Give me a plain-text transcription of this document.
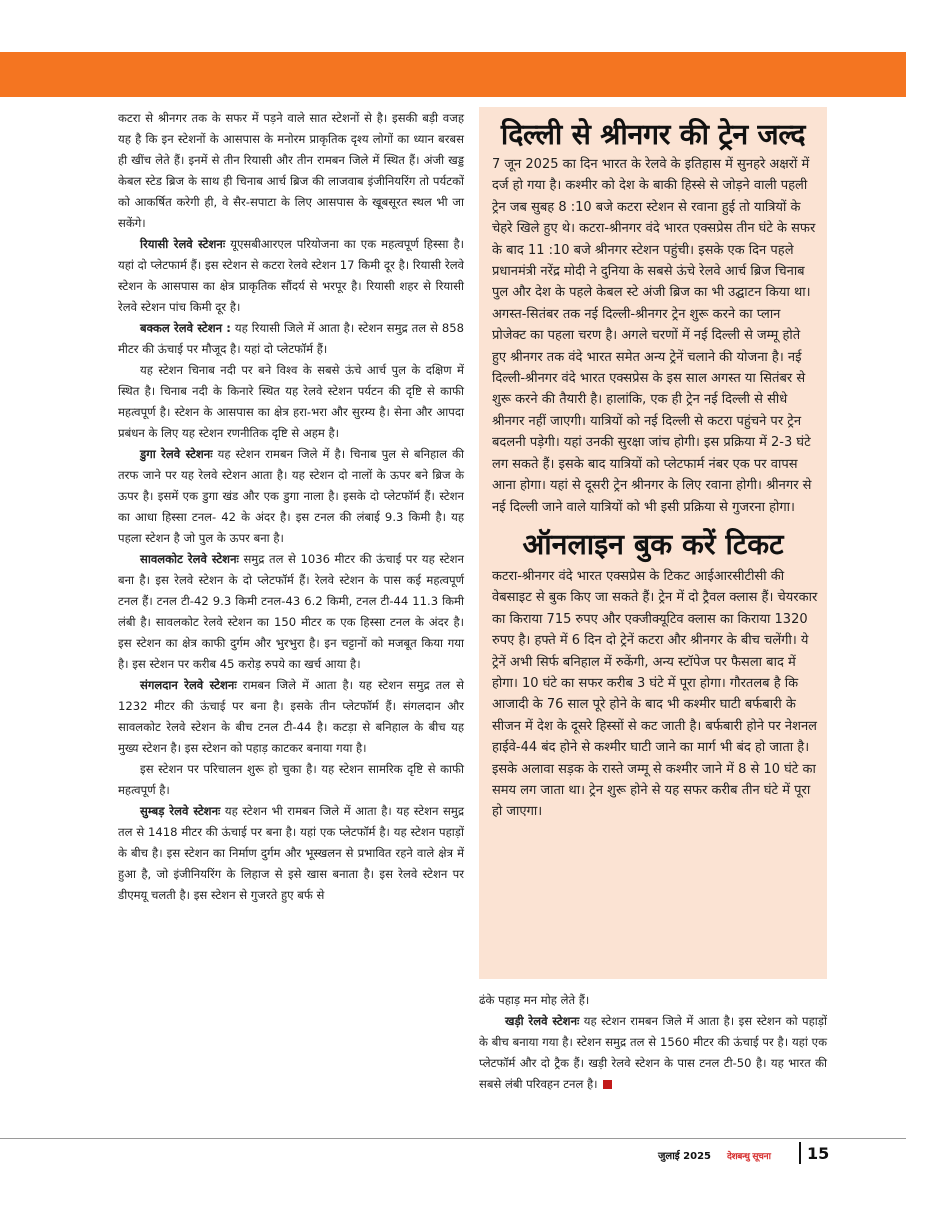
कटरा से श्रीनगर तक के सफर में पड़ने वाले सात स्टेशनों से है। इसकी बड़ी वजह यह है कि इन स्टेशनों के आसपास के मनोरम प्राकृतिक दृश्य लोगों का ध्यान बरबस ही खींच लेते हैं। इनमें से तीन रियासी और तीन रामबन जिले में स्थित हैं। अंजी खड्ड केबल स्टेड ब्रिज के साथ ही चिनाब आर्च ब्रिज की लाजवाब इंजीनियरिंग तो पर्यटकों को आकर्षित करेगी ही, वे सैर-सपाटा के लिए आसपास के खूबसूरत स्थल भी जा सकेंगे।

रियासी रेलवे स्टेशनः यूएसबीआरएल परियोजना का एक महत्वपूर्ण हिस्सा है। यहां दो प्लेटफार्म हैं। इस स्टेशन से कटरा रेलवे स्टेशन 17 किमी दूर है। रियासी रेलवे स्टेशन के आसपास का क्षेत्र प्राकृतिक सौंदर्य से भरपूर है। रियासी शहर से रियासी रेलवे स्टेशन पांच किमी दूर है।

बक्कल रेलवे स्टेशन : यह रियासी जिले में आता है। स्टेशन समुद्र तल से 858 मीटर की ऊंचाई पर मौजूद है। यहां दो प्लेटफॉर्म हैं।

यह स्टेशन चिनाब नदी पर बने विश्व के सबसे ऊंचे आर्च पुल के दक्षिण में स्थित है। चिनाब नदी के किनारे स्थित यह रेलवे स्टेशन पर्यटन की दृष्टि से काफी महत्वपूर्ण है। स्टेशन के आसपास का क्षेत्र हरा-भरा और सुरम्य है। सेना और आपदा प्रबंधन के लिए यह स्टेशन रणनीतिक दृष्टि से अहम है।

डुगा रेलवे स्टेशनः यह स्टेशन रामबन जिले में है। चिनाब पुल से बनिहाल की तरफ जाने पर यह रेलवे स्टेशन आता है। यह स्टेशन दो नालों के ऊपर बने ब्रिज के ऊपर है। इसमें एक डुगा खंड और एक डुगा नाला है। इसके दो प्लेटफॉर्म हैं। स्टेशन का आधा हिस्सा टनल- 42 के अंदर है। इस टनल की लंबाई 9.3 किमी है। यह पहला स्टेशन है जो पुल के ऊपर बना है।

सावलकोट रेलवे स्टेशनः समुद्र तल से 1036 मीटर की ऊंचाई पर यह स्टेशन बना है। इस रेलवे स्टेशन के दो प्लेटफॉर्म हैं। रेलवे स्टेशन के पास कई महत्वपूर्ण टनल हैं। टनल टी-42 9.3 किमी टनल-43 6.2 किमी, टनल टी-44 11.3 किमी लंबी है। सावलकोट रेलवे स्टेशन का 150 मीटर क एक हिस्सा टनल के अंदर है। इस स्टेशन का क्षेत्र काफी दुर्गम और भुरभुरा है। इन चट्टानों को मजबूत किया गया है। इस स्टेशन पर करीब 45 करोड़ रुपये का खर्च आया है।

संगलदान रेलवे स्टेशनः रामबन जिले में आता है। यह स्टेशन समुद्र तल से 1232 मीटर की ऊंचाई पर बना है। इसके तीन प्लेटफॉर्म हैं। संगलदान और सावलकोट रेलवे स्टेशन के बीच टनल टी-44 है। कटड़ा से बनिहाल के बीच यह मुख्य स्टेशन है। इस स्टेशन को पहाड़ काटकर बनाया गया है।

इस स्टेशन पर परिचालन शुरू हो चुका है। यह स्टेशन सामरिक दृष्टि से काफी महत्वपूर्ण है।

सुम्बड़ रेलवे स्टेशनः यह स्टेशन भी रामबन जिले में आता है। यह स्टेशन समुद्र तल से 1418 मीटर की ऊंचाई पर बना है। यहां एक प्लेटफॉर्म है। यह स्टेशन पहाड़ों के बीच है। इस स्टेशन का निर्माण दुर्गम और भूस्खलन से प्रभावित रहने वाले क्षेत्र में हुआ है, जो इंजीनियरिंग के लिहाज से इसे खास बनाता है। इस रेलवे स्टेशन पर डीएमयू चलती है। इस स्टेशन से गुजरते हुए बर्फ से

दिल्ली से श्रीनगर की ट्रेन जल्द

7 जून 2025 का दिन भारत के रेलवे के इतिहास में सुनहरे अक्षरों में दर्ज हो गया है। कश्मीर को देश के बाकी हिस्से से जोड़ने वाली पहली ट्रेन जब सुबह 8 :10 बजे कटरा स्टेशन से रवाना हुई तो यात्रियों के चेहरे खिले हुए थे। कटरा-श्रीनगर वंदे भारत एक्सप्रेस तीन घंटे के सफर के बाद 11 :10 बजे श्रीनगर स्टेशन पहुंची। इसके एक दिन पहले प्रधानमंत्री नरेंद्र मोदी ने दुनिया के सबसे ऊंचे रेलवे आर्च ब्रिज चिनाब पुल और देश के पहले केबल स्टे अंजी ब्रिज का भी उद्घाटन किया था।

अगस्त-सितंबर तक नई दिल्ली-श्रीनगर ट्रेन शुरू करने का प्लान प्रोजेक्ट का पहला चरण है। अगले चरणों में नई दिल्ली से जम्मू होते हुए श्रीनगर तक वंदे भारत समेत अन्य ट्रेनें चलाने की योजना है। नई दिल्ली-श्रीनगर वंदे भारत एक्सप्रेस के इस साल अगस्त या सितंबर से शुरू करने की तैयारी है। हालांकि, एक ही ट्रेन नई दिल्ली से सीधे श्रीनगर नहीं जाएगी। यात्रियों को नई दिल्ली से कटरा पहुंचने पर ट्रेन बदलनी पड़ेगी। यहां उनकी सुरक्षा जांच होगी। इस प्रक्रिया में 2-3 घंटे लग सकते हैं। इसके बाद यात्रियों को प्लेटफार्म नंबर एक पर वापस आना होगा। यहां से दूसरी ट्रेन श्रीनगर के लिए रवाना होगी। श्रीनगर से नई दिल्ली जाने वाले यात्रियों को भी इसी प्रक्रिया से गुजरना होगा।

ऑनलाइन बुक करें टिकट

कटरा-श्रीनगर वंदे भारत एक्सप्रेस के टिकट आईआरसीटीसी की वेबसाइट से बुक किए जा सकते हैं। ट्रेन में दो ट्रैवल क्लास हैं। चेयरकार का किराया 715 रुपए और एक्जीक्यूटिव क्लास का किराया 1320 रुपए है। हफ्ते में 6 दिन दो ट्रेनें कटरा और श्रीनगर के बीच चलेंगी। ये ट्रेनें अभी सिर्फ बनिहाल में रुकेंगी, अन्य स्टॉपेज पर फैसला बाद में होगा। 10 घंटे का सफर करीब 3 घंटे में पूरा होगा। गौरतलब है कि आजादी के 76 साल पूरे होने के बाद भी कश्मीर घाटी बर्फबारी के सीजन में देश के दूसरे हिस्सों से कट जाती है। बर्फबारी होने पर नेशनल हाईवे-44 बंद होने से कश्मीर घाटी जाने का मार्ग भी बंद हो जाता है। इसके अलावा सड़क के रास्ते जम्मू से कश्मीर जाने में 8 से 10 घंटे का समय लग जाता था। ट्रेन शुरू होने से यह सफर करीब तीन घंटे में पूरा हो जाएगा।

ढंके पहाड़ मन मोह लेते हैं।

खड़ी रेलवे स्टेशनः यह स्टेशन रामबन जिले में आता है। इस स्टेशन को पहाड़ों के बीच बनाया गया है। स्टेशन समुद्र तल से 1560 मीटर की ऊंचाई पर है। यहां एक प्लेटफॉर्म और दो ट्रैक हैं। खड़ी रेलवे स्टेशन के पास टनल टी-50 है। यह भारत की सबसे लंबी परिवहन टनल है।

जुलाई 2025 देशबन्धु सूचना 15
